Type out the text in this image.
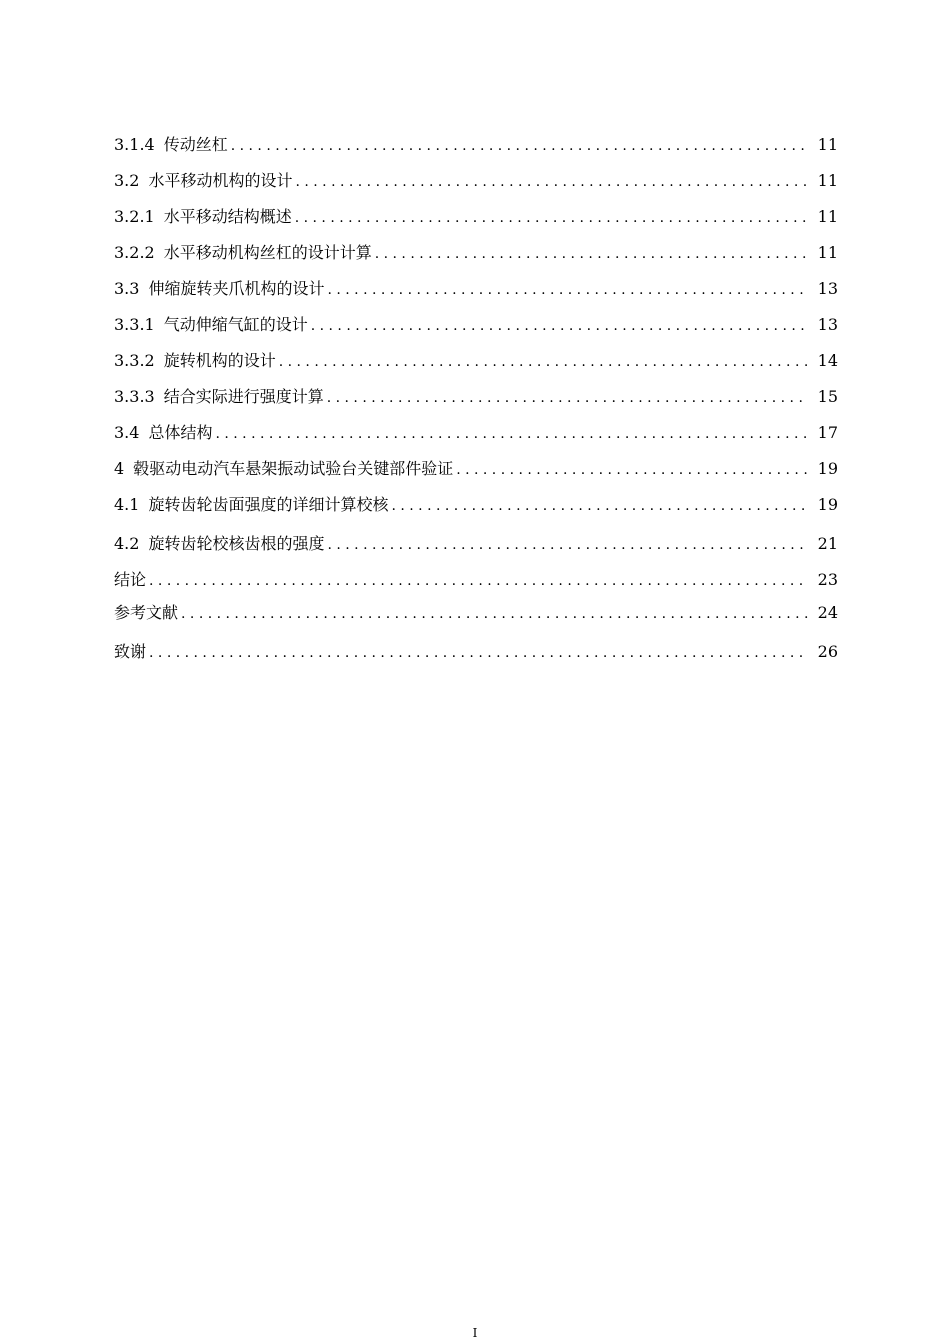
3.1.4 传动丝杠 . . .	11
3.2 水平移动机构的设计 . . .	11
3.2.1 水平移动结构概述 . . .	11
3.2.2 水平移动机构丝杠的设计计算 . . .	11
3.3 伸缩旋转夹爪机构的设计 . . .	13
3.3.1 气动伸缩气缸的设计 . . .	13
3.3.2 旋转机构的设计 . . .	14
3.3.3 结合实际进行强度计算 . . .	15
3.4 总体结构 . . .	17
4 毂驱动电动汽车悬架振动试验台关键部件验证 . . .	19
4.1 旋转齿轮齿面强度的详细计算校核 . . .	19
4.2 旋转齿轮校核齿根的强度 . . .	21
结论 . . .	23
参考文献 . . .	24
致谢 . . .	26
I
